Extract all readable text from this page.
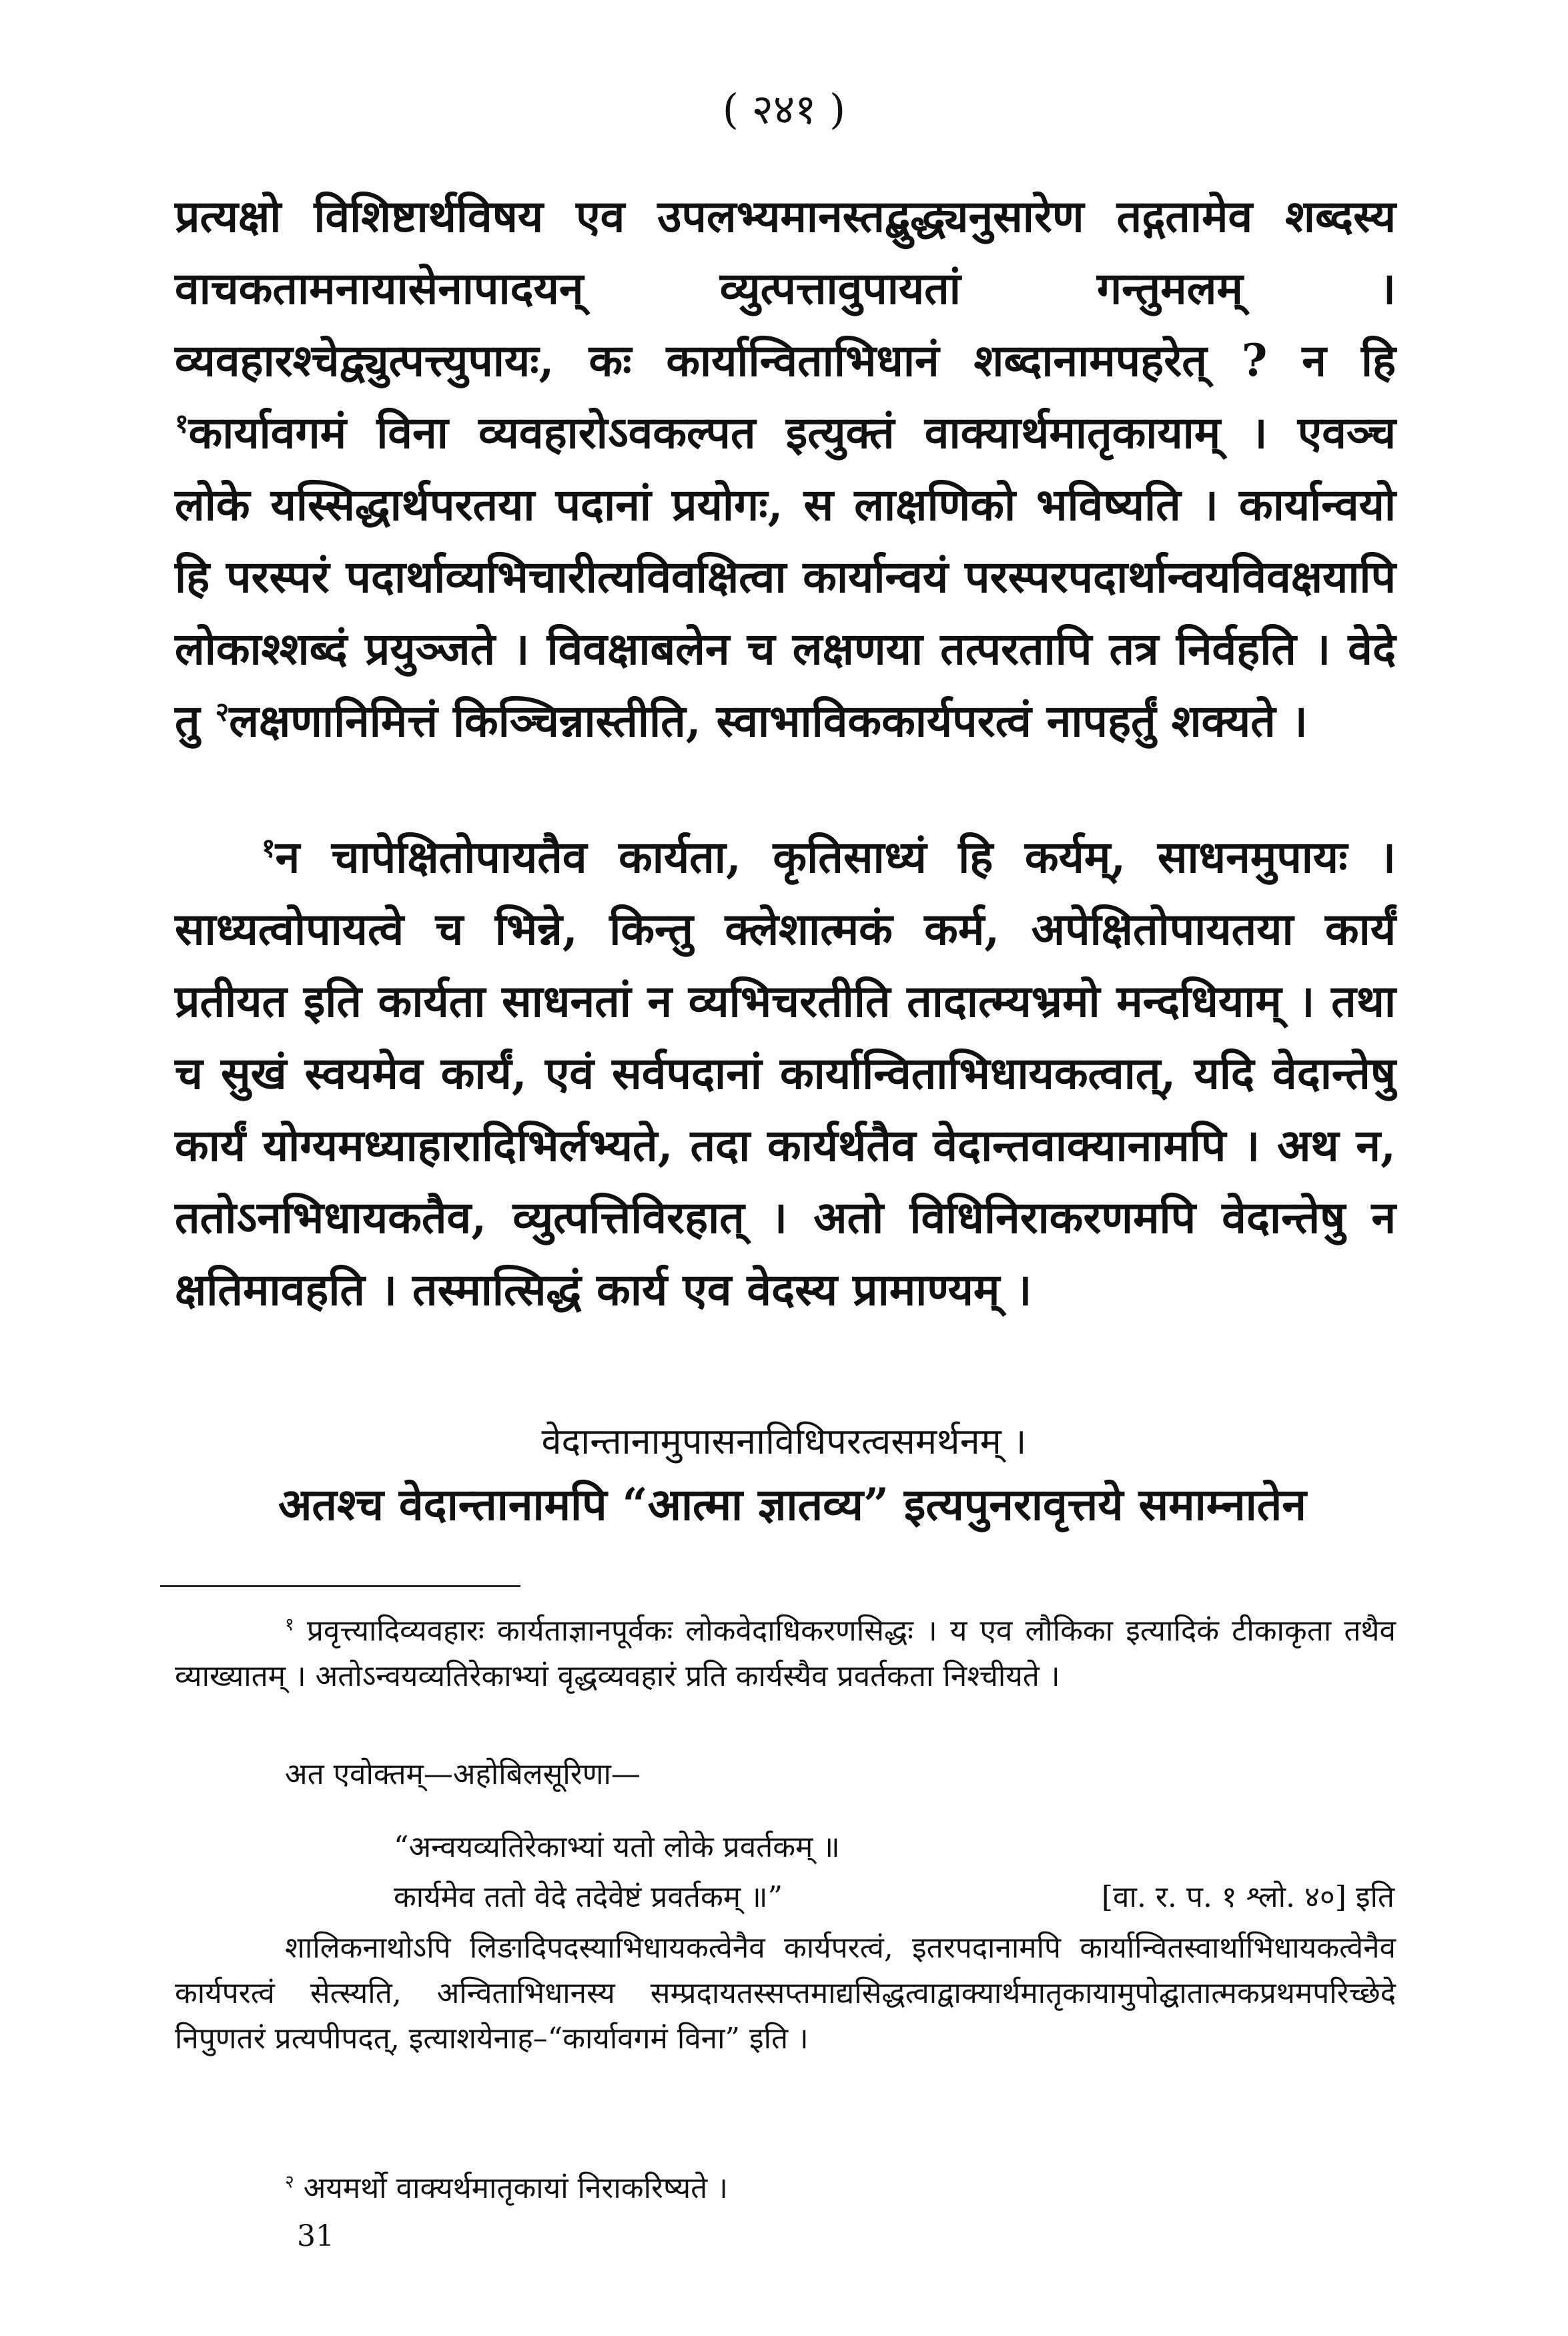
( २४१ )

प्रत्यक्षो विशिष्टार्थविषय एव उपलभ्यमानस्तद्बुद्ध्यनुसारेण तद्गतामेव शब्दस्य वाचकतामनायासेनापादयन् व्युत्पत्तावुपायतां गन्तुमलम् । व्यवहारश्चेद्व्युत्पत्त्युपायः, कः कार्यान्विताभिधानं शब्दानामपहरेत् ? न हि $^१$कार्यावगमं विना व्यवहारोऽवकल्पत इत्युक्तं वाक्यार्थमातृकायाम् । एवञ्च लोके यस्सिद्धार्थपरतया पदानां प्रयोगः, स लाक्षणिको भविष्यति । कार्यान्वयो हि परस्परं पदार्थाव्यभिचारीत्यविवक्षित्वा कार्यान्वयं परस्परपदार्थान्वयविवक्षयापि लोकाश्शब्दं प्रयुञ्जते । विवक्षाबलेन च लक्षणया तत्परतापि तत्र निर्वहति । वेदे तु $^२$लक्षणानिमित्तं किञ्चिन्नास्तीति, स्वाभाविककार्यपरत्वं नापहर्तुं शक्यते ।

$^१$न चापेक्षितोपायतैव कार्यता, कृतिसाध्यं हि कर्यम्, साधनमुपायः । साध्यत्वोपायत्वे च भिन्ने, किन्तु क्लेशात्मकं कर्म, अपेक्षितोपायतया कार्यं प्रतीयत इति कार्यता साधनतां न व्यभिचरतीति तादात्म्यभ्रमो मन्दधियाम् । तथा च सुखं स्वयमेव कार्यं, एवं सर्वपदानां कार्यान्विताभिधायकत्वात्, यदि वेदान्तेषु कार्यं योग्यमध्याहारादिभिर्लभ्यते, तदा कार्यर्थतैव वेदान्तवाक्यानामपि । अथ न, ततोऽनभिधायकतैव, व्युत्पत्तिविरहात् । अतो विधिनिराकरणमपि वेदान्तेषु न क्षतिमावहति । तस्मात्सिद्धं कार्य एव वेदस्य प्रामाण्यम् ।

वेदान्तानामुपासनाविधिपरत्वसमर्थनम् ।

अतश्च वेदान्तानामपि “आत्मा ज्ञातव्य” इत्यपुनरावृत्तये समाम्नातेन

$^१$ प्रवृत्त्यादिव्यवहारः कार्यताज्ञानपूर्वकः लोकवेदाधिकरणसिद्धः । य एव लौकिका इत्यादिकं टीकाकृता तथैव व्याख्यातम् । अतोऽन्वयव्यतिरेकाभ्यां वृद्धव्यवहारं प्रति कार्यस्यैव प्रवर्तकता निश्चीयते ।

अत एवोक्तम्—अहोबिलसूरिणा—

“अन्वयव्यतिरेकाभ्यां यतो लोके प्रवर्तकम् ॥
कार्यमेव ततो वेदे तदेवेष्टं प्रवर्तकम् ॥”	[वा. र. प. १ श्लो. ४०] इति

शालिकनाथोऽपि लिङादिपदस्याभिधायकत्वेनैव कार्यपरत्वं, इतरपदानामपि कार्यान्वितस्वार्थाभिधायकत्वेनैव कार्यपरत्वं सेत्स्यति, अन्विताभिधानस्य सम्प्रदायतस्सप्तमाद्यसिद्धत्वाद्वाक्यार्थमातृकायामुपोद्घातात्मकप्रथमपरिच्छेदे निपुणतरं प्रत्यपीपदत्, इत्याशयेनाह–“कार्यावगमं विना” इति ।

$^२$ अयमर्थो वाक्यर्थमातृकायां निराकरिष्यते ।

31
